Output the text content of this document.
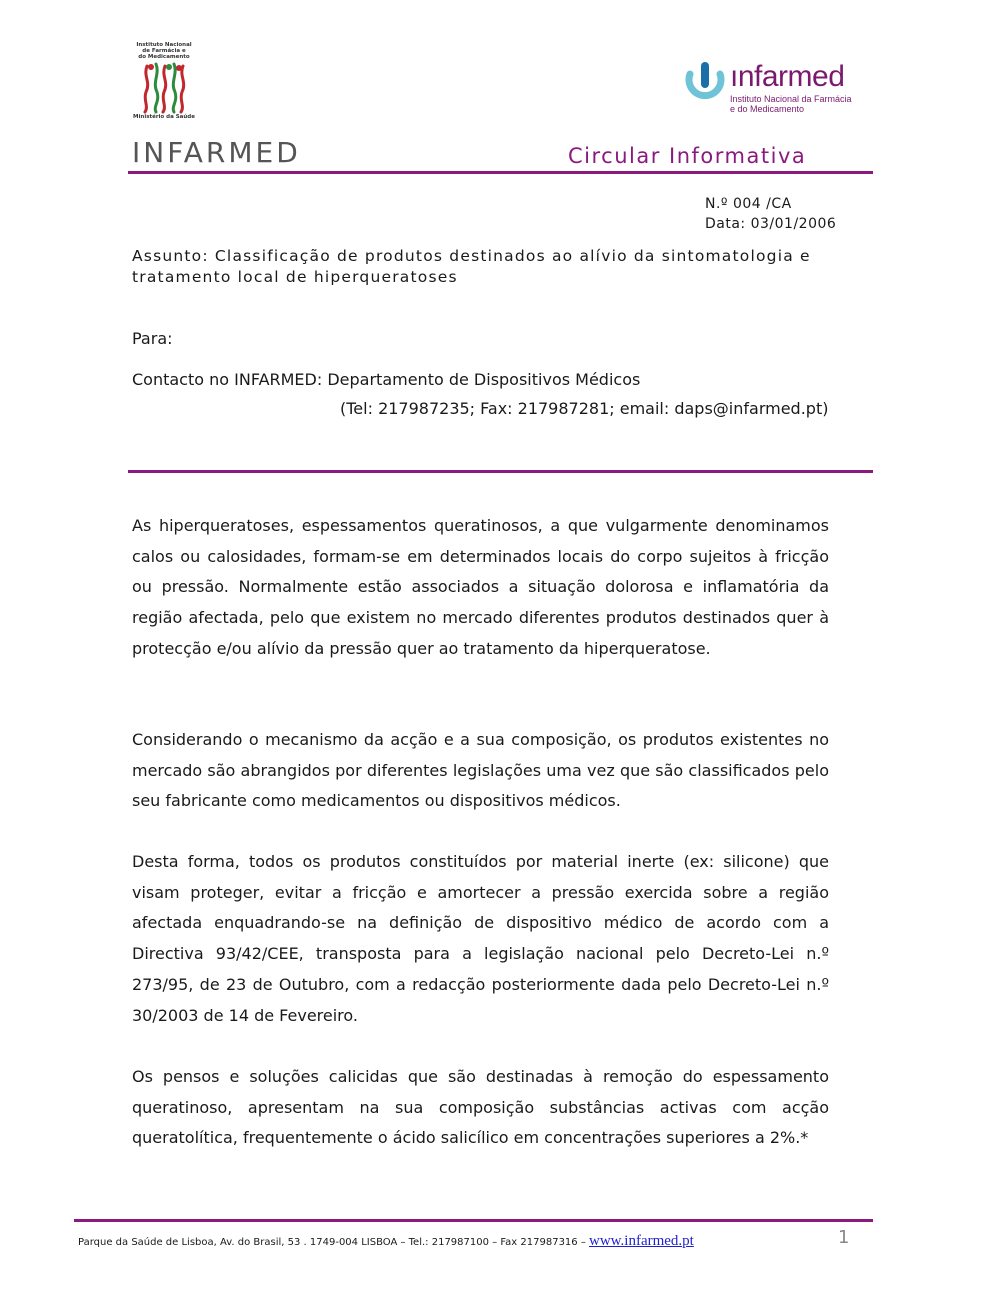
Instituto Nacional
de Farmácia e
do Medicamento
Ministério da Saúde
ınfarmed
Instituto Nacional da Farmácia
e do Medicamento
INFARMED	Circular Informativa
N.º 004 /CA
Data: 03/01/2006
Assunto: Classificação de produtos destinados ao alívio da sintomatologia e tratamento local de hiperqueratoses
Para:
Contacto no INFARMED: Departamento de Dispositivos Médicos
(Tel: 217987235; Fax: 217987281; email: daps@infarmed.pt)
As hiperqueratoses, espessamentos queratinosos, a que vulgarmente denominamos calos ou calosidades, formam-se em determinados locais do corpo sujeitos à fricção ou pressão. Normalmente estão associados a situação dolorosa e inflamatória da região afectada, pelo que existem no mercado diferentes produtos destinados quer à protecção e/ou alívio da pressão quer ao tratamento da hiperqueratose.
Considerando o mecanismo da acção e a sua composição, os produtos existentes no mercado são abrangidos por diferentes legislações uma vez que são classificados pelo seu fabricante como medicamentos ou dispositivos médicos.
Desta forma, todos os produtos constituídos por material inerte (ex: silicone) que visam proteger, evitar a fricção e amortecer a pressão exercida sobre a região afectada enquadrando-se na definição de dispositivo médico de acordo com a Directiva 93/42/CEE, transposta para a legislação nacional pelo Decreto-Lei n.º 273/95, de 23 de Outubro, com a redacção posteriormente dada pelo Decreto-Lei n.º 30/2003 de 14 de Fevereiro.
Os pensos e soluções calicidas que são destinadas à remoção do espessamento queratinoso, apresentam na sua composição substâncias activas com acção queratolítica, frequentemente o ácido salicílico em concentrações superiores a 2%.*
Parque da Saúde de Lisboa, Av. do Brasil, 53 . 1749-004 LISBOA – Tel.: 217987100 – Fax 217987316 – www.infarmed.pt	1
